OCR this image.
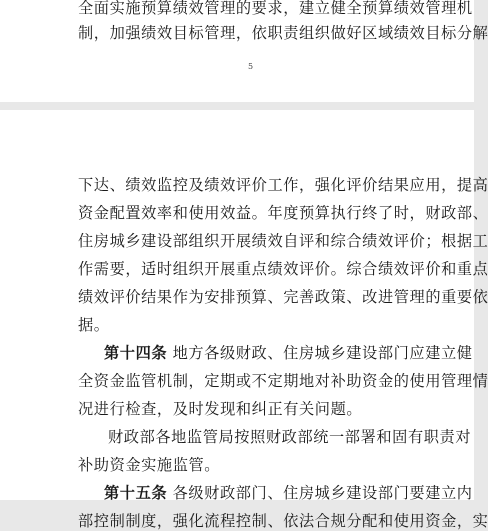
全面实施预算绩效管理的要求，建立健全预算绩效管理机
制，加强绩效目标管理，依职责组织做好区域绩效目标分解
5
下达、绩效监控及绩效评价工作，强化评价结果应用，提高
资金配置效率和使用效益。年度预算执行终了时，财政部、
住房城乡建设部组织开展绩效自评和综合绩效评价；根据工
作需要，适时组织开展重点绩效评价。综合绩效评价和重点
绩效评价结果作为安排预算、完善政策、改进管理的重要依
据。
第十四条 地方各级财政、住房城乡建设部门应建立健
全资金监管机制，定期或不定期地对补助资金的使用管理情
况进行检查，及时发现和纠正有关问题。
财政部各地监管局按照财政部统一部署和固有职责对
补助资金实施监管。
第十五条 各级财政部门、住房城乡建设部门要建立内
部控制制度，强化流程控制、依法合规分配和使用资金，实
